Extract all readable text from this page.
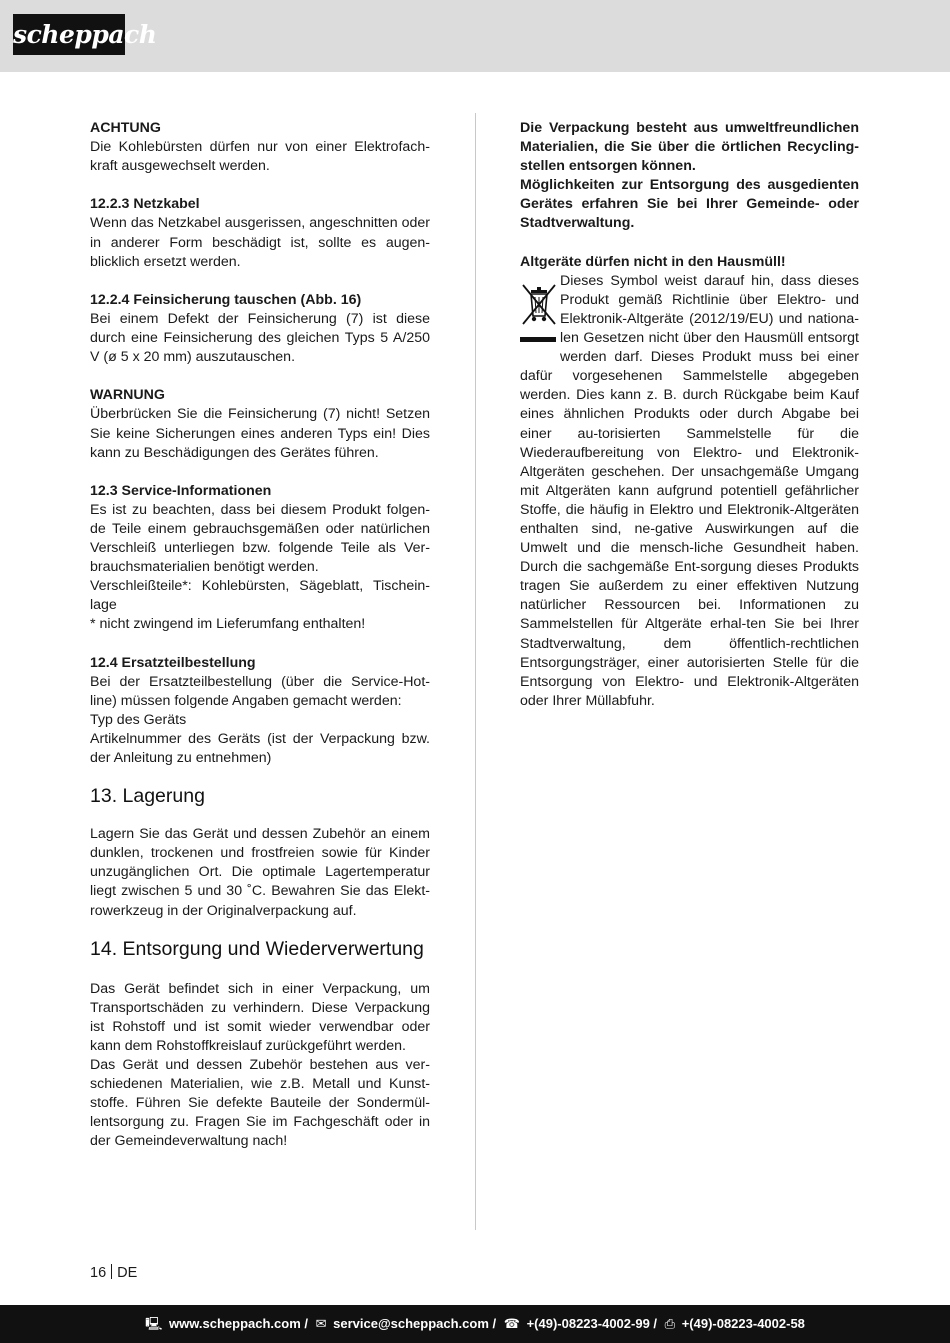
scheppach

ACHTUNG

Die Kohlebürsten dürfen nur von einer Elektrofach-kraft ausgewechselt werden.

12.2.3 Netzkabel

Wenn das Netzkabel ausgerissen, angeschnitten oder in anderer Form beschädigt ist, sollte es augen-blicklich ersetzt werden.

12.2.4 Feinsicherung tauschen (Abb. 16)

Bei einem Defekt der Feinsicherung (7) ist diese durch eine Feinsicherung des gleichen Typs 5 A/250 V (ø 5 x 20 mm) auszutauschen.

WARNUNG

Überbrücken Sie die Feinsicherung (7) nicht! Setzen Sie keine Sicherungen eines anderen Typs ein! Dies kann zu Beschädigungen des Gerätes führen.

12.3 Service-Informationen

Es ist zu beachten, dass bei diesem Produkt folgen-de Teile einem gebrauchsgemäßen oder natürlichen Verschleiß unterliegen bzw. folgende Teile als Ver-brauchsmaterialien benötigt werden.

Verschleißteile*: Kohlebürsten, Sägeblatt, Tischein-lage

* nicht zwingend im Lieferumfang enthalten!

12.4 Ersatzteilbestellung

Bei der Ersatzteilbestellung (über die Service-Hot-line) müssen folgende Angaben gemacht werden:

Typ des Geräts

Artikelnummer des Geräts (ist der Verpackung bzw. der Anleitung zu entnehmen)

13. Lagerung

Lagern Sie das Gerät und dessen Zubehör an einem dunklen, trockenen und frostfreien sowie für Kinder unzugänglichen Ort. Die optimale Lagertemperatur liegt zwischen 5 und 30 ˚C. Bewahren Sie das Elekt-rowerkzeug in der Originalverpackung auf.

14. Entsorgung und Wiederverwertung

Das Gerät befindet sich in einer Verpackung, um Transportschäden zu verhindern. Diese Verpackung ist Rohstoff und ist somit wieder verwendbar oder kann dem Rohstoffkreislauf zurückgeführt werden.

Das Gerät und dessen Zubehör bestehen aus ver-schiedenen Materialien, wie z.B. Metall und Kunst-stoffe. Führen Sie defekte Bauteile der Sondermül-lentsorgung zu. Fragen Sie im Fachgeschäft oder in der Gemeindeverwaltung nach!

Die Verpackung besteht aus umweltfreundlichen Materialien, die Sie über die örtlichen Recycling-stellen entsorgen können.

Möglichkeiten zur Entsorgung des ausgedienten Gerätes erfahren Sie bei Ihrer Gemeinde- oder Stadtverwaltung.

Altgeräte dürfen nicht in den Hausmüll!

Dieses Symbol weist darauf hin, dass dieses Produkt gemäß Richtlinie über Elektro- und Elektronik-Altgeräte (2012/19/EU) und nationa-len Gesetzen nicht über den Hausmüll entsorgt werden darf. Dieses Produkt muss bei einer dafür vorgesehenen Sammelstelle abgegeben werden. Dies kann z. B. durch Rückgabe beim Kauf eines ähnlichen Produkts oder durch Abgabe bei einer au-torisierten Sammelstelle für die Wiederaufbereitung von Elektro- und Elektronik-Altgeräten geschehen. Der unsachgemäße Umgang mit Altgeräten kann aufgrund potentiell gefährlicher Stoffe, die häufig in Elektro und Elektronik-Altgeräten enthalten sind, ne-gative Auswirkungen auf die Umwelt und die mensch-liche Gesundheit haben. Durch die sachgemäße Ent-sorgung dieses Produkts tragen Sie außerdem zu einer effektiven Nutzung natürlicher Ressourcen bei. Informationen zu Sammelstellen für Altgeräte erhal-ten Sie bei Ihrer Stadtverwaltung, dem öffentlich-rechtlichen Entsorgungsträger, einer autorisierten Stelle für die Entsorgung von Elektro- und Elektronik-Altgeräten oder Ihrer Müllabfuhr.

16 DE
🖳 www.scheppach.com / ✉ service@scheppach.com / ☎ +(49)-08223-4002-99 / ⎙ +(49)-08223-4002-58
